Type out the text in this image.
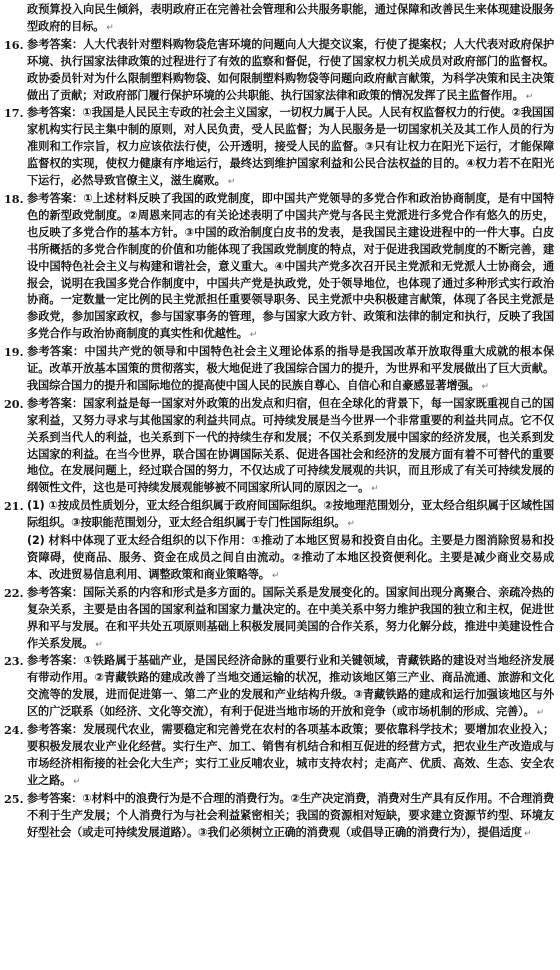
政预算投入向民生倾斜，表明政府正在完善社会管理和公共服务职能，通过保障和改善民生来体现建设服务型政府的目标。 ↵

16. 参考答案：人大代表针对塑料购物袋危害环境的问题向人大提交议案，行使了提案权；人大代表对政府保护环境、执行国家法律政策的过程进行了有效的监察和督促，行使了国家权力机关成员对政府部门的监督权。政协委员针对为什么限制塑料购物袋、如何限制塑料购物袋等问题向政府献言献策，为科学决策和民主决策做出了贡献；对政府部门履行保护环境的公共职能、执行国家法律和政策的情况发挥了民主监督作用。 ↵

17. 参考答案：①我国是人民民主专政的社会主义国家，一切权力属于人民。人民有权监督权力的行使。②我国国家机构实行民主集中制的原则，对人民负责，受人民监督；为人民服务是一切国家机关及其工作人员的行为准则和工作宗旨，权力应该依法行使，公开透明，接受人民的监督。③只有让权力在阳光下运行，才能保障监督权的实现，使权力健康有序地运行，最终达到维护国家利益和公民合法权益的目的。④权力若不在阳光下运行，必然导致官僚主义，滋生腐败。 ↵

18. 参考答案：①上述材料反映了我国的政党制度，即中国共产党领导的多党合作和政治协商制度，是有中国特色的新型政党制度。②周恩来同志的有关论述表明了中国共产党与各民主党派进行多党合作有悠久的历史，也反映了多党合作的基本方针。③中国的政治制度白皮书的发表，是我国民主建设进程中的一件大事。白皮书所概括的多党合作制度的价值和功能体现了我国政党制度的特点，对于促进我国政党制度的不断完善，建设中国特色社会主义与构建和谐社会，意义重大。④中国共产党多次召开民主党派和无党派人士协商会，通报会，说明在我国多党合作制度中，中国共产党是执政党，处于领导地位，也体现了通过多种形式实行政治协商。一定数量一定比例的民主党派担任重要领导职务、民主党派中央积极建言献策，体现了各民主党派是参政党，参加国家政权，参与国家事务的管理，参与国家大政方针、政策和法律的制定和执行，反映了我国多党合作与政治协商制度的真实性和优越性。 ↵

19. 参考答案：中国共产党的领导和中国特色社会主义理论体系的指导是我国改革开放取得重大成就的根本保证。改革开放基本国策的贯彻落实，极大地促进了我国综合国力的提升，为世界和平发展做出了巨大贡献。我国综合国力的提升和国际地位的提高使中国人民的民族自尊心、自信心和自豪感显著增强。 ↵

20. 参考答案：国家利益是每一国家对外政策的出发点和归宿，但在全球化的背景下，每一国家既重视自己的国家利益，又努力寻求与其他国家的利益共同点。可持续发展是当今世界一个非常重要的利益共同点。它不仅关系到当代人的利益，也关系到下一代的持续生存和发展；不仅关系到发展中国家的经济发展，也关系到发达国家的利益。在当今世界，联合国在协调国际关系、促进各国社会和经济的发展方面有着不可替代的重要地位。在发展问题上，经过联合国的努力，不仅达成了可持续发展观的共识，而且形成了有关可持续发展的纲领性文件，这也是可持续发展观能够被不同国家所认同的原因之一。 ↵

21. (1) ①按成员性质划分，亚太经合组织属于政府间国际组织。②按地理范围划分，亚太经合组织属于区域性国际组织。③按职能范围划分，亚太经合组织属于专门性国际组织。 ↵

(2) 材料中体现了亚太经合组织的以下作用：①推动了本地区贸易和投资自由化。主要是力图消除贸易和投资障碍，使商品、服务、资金在成员之间自由流动。②推动了本地区投资便利化。主要是减少商业交易成本、改进贸易信息利用、调整政策和商业策略等。 ↵

22. 参考答案：国际关系的内容和形式是多方面的。国际关系是发展变化的。国家间出现分离聚合、亲疏冷热的复杂关系，主要是由各国的国家利益和国家力量决定的。在中美关系中努力维护我国的独立和主权，促进世界和平与发展。在和平共处五项原则基础上积极发展同美国的合作关系，努力化解分歧，推进中美建设性合作关系发展。 ↵

23. 参考答案：①铁路属于基础产业，是国民经济命脉的重要行业和关键领域，青藏铁路的建设对当地经济发展有带动作用。②青藏铁路的建成改善了当地交通运输的状况，推动该地区第三产业、商品流通、旅游和文化交流等的发展，进而促进第一、第二产业的发展和产业结构升级。③青藏铁路的建成和运行加强该地区与外区的广泛联系（如经济、文化等交流），有利于促进当地市场的开放和竞争（或市场机制的形成、完善）。 ↵

24. 参考答案：发展现代农业，需要稳定和完善党在农村的各项基本政策；要依靠科学技术；要增加农业投入；要积极发展农业产业化经营。实行生产、加工、销售有机结合和相互促进的经营方式，把农业生产改造成与市场经济相衔接的社会化大生产；实行工业反哺农业，城市支持农村；走高产、优质、高效、生态、安全农业之路。 ↵

25. 参考答案：①材料中的浪费行为是不合理的消费行为。②生产决定消费，消费对生产具有反作用。不合理消费不利于生产发展；个人消费行为与社会利益紧密相关；我国的资源相对短缺，要求建立资源节约型、环境友好型社会（或走可持续发展道路）。③我们必须树立正确的消费观（或倡导正确的消费行为），提倡适度 ↵
